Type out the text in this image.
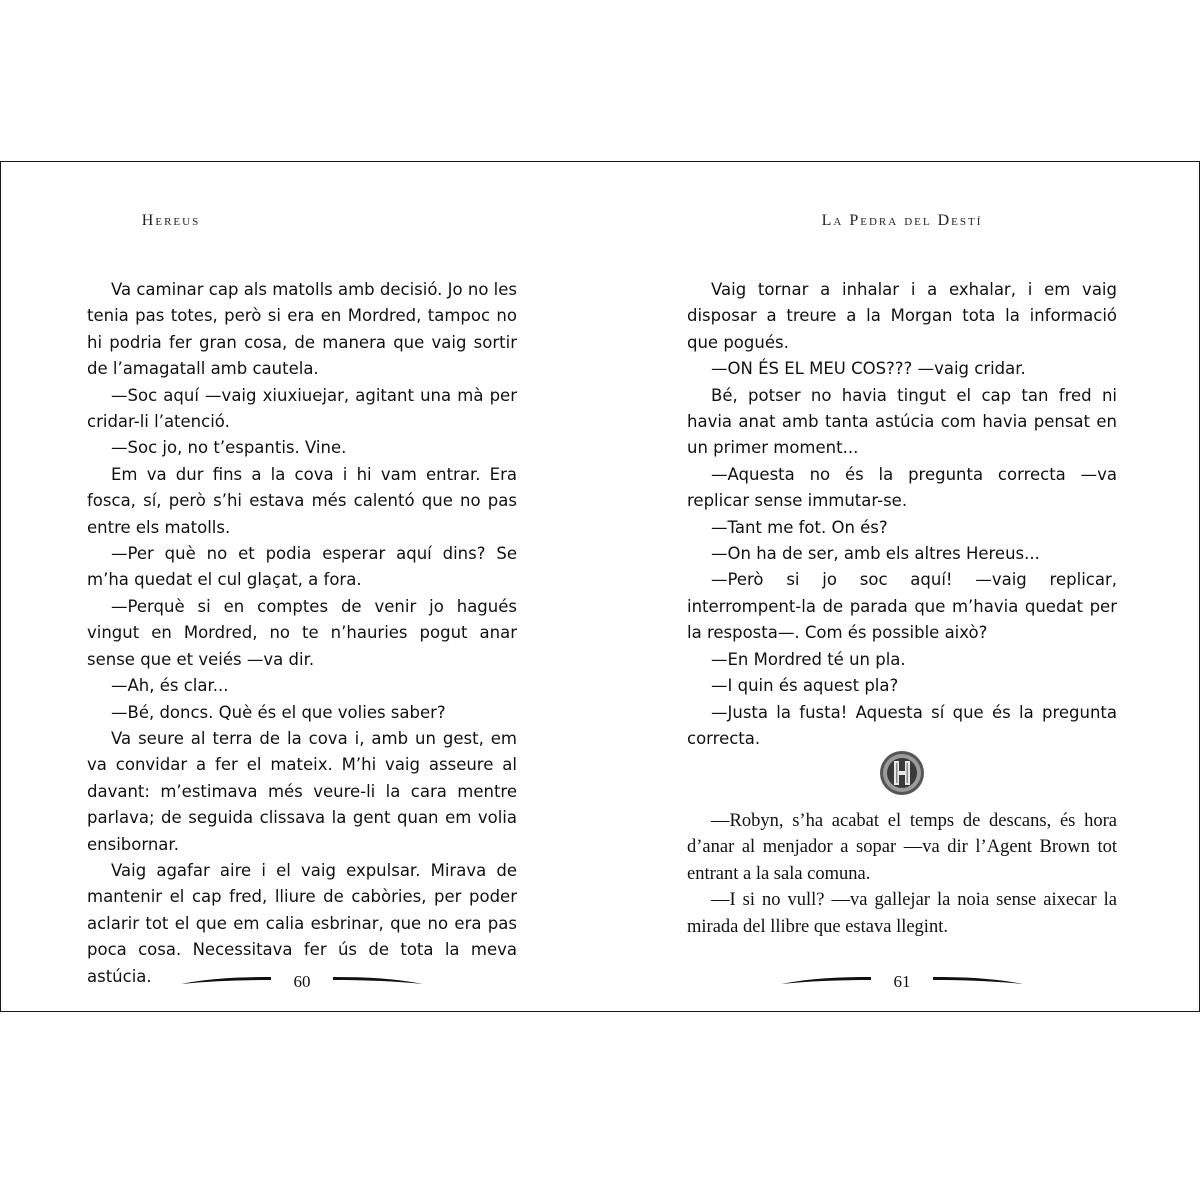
Hereus

Va caminar cap als matolls amb decisió. Jo no les tenia pas totes, però si era en Mordred, tampoc no hi podria fer gran cosa, de manera que vaig sortir de l’amagatall amb cautela.

—Soc aquí —vaig xiuxiuejar, agitant una mà per cridar-li l’atenció.

—Soc jo, no t’espantis. Vine.

Em va dur fins a la cova i hi vam entrar. Era fosca, sí, però s’hi estava més calentó que no pas entre els matolls.

—Per què no et podia esperar aquí dins? Se m’ha quedat el cul glaçat, a fora.

—Perquè si en comptes de venir jo hagués vingut en Mordred, no te n’hauries pogut anar sense que et veiés —va dir.

—Ah, és clar...

—Bé, doncs. Què és el que volies saber?

Va seure al terra de la cova i, amb un gest, em va convidar a fer el mateix. M’hi vaig asseure al davant: m’estimava més veure-li la cara mentre parlava; de seguida clissava la gent quan em volia ensibornar.

Vaig agafar aire i el vaig expulsar. Mirava de mantenir el cap fred, lliure de cabòries, per poder aclarir tot el que em calia esbrinar, que no era pas poca cosa. Necessitava fer ús de tota la meva astúcia.	60
La Pedra del Destí

Vaig tornar a inhalar i a exhalar, i em vaig disposar a treure a la Morgan tota la informació que pogués.

—ON ÉS EL MEU COS??? —vaig cridar.

Bé, potser no havia tingut el cap tan fred ni havia anat amb tanta astúcia com havia pensat en un primer moment...

—Aquesta no és la pregunta correcta —va replicar sense immutar-se.

—Tant me fot. On és?

—On ha de ser, amb els altres Hereus...

—Però si jo soc aquí! —vaig replicar, interrompent-la de parada que m’havia quedat per la resposta—. Com és possible això?

—En Mordred té un pla.

—I quin és aquest pla?

—Justa la fusta! Aquesta sí que és la pregunta correcta.

—Robyn, s’ha acabat el temps de descans, és hora d’anar al menjador a sopar —va dir l’Agent Brown tot entrant a la sala comuna.

—I si no vull? —va gallejar la noia sense aixecar la mirada del llibre que estava llegint.

61
